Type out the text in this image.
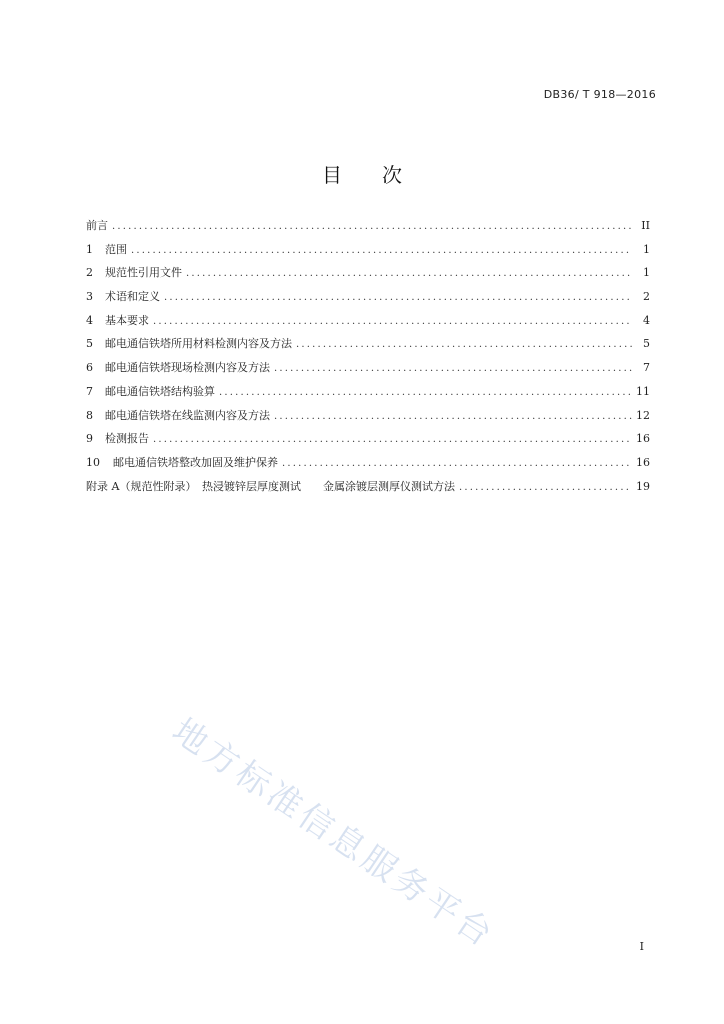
DB36/ T 918—2016
目 次
前言 .....	II
1	范围 .....	1
2	规范性引用文件 .....	1
3	术语和定义 .....	2
4	基本要求 .....	4
5	邮电通信铁塔所用材料检测内容及方法 .....	5
6	邮电通信铁塔现场检测内容及方法 .....	7
7	邮电通信铁塔结构验算 .....	11
8	邮电通信铁塔在线监测内容及方法 .....	12
9	检测报告 .....	16
10	邮电通信铁塔整改加固及维护保养 .....	16
附录 A（规范性附录）　热浸镀锌层厚度测试　　金属涂镀层测厚仪测试方法 .....	19
地方标准信息服务平台	I
